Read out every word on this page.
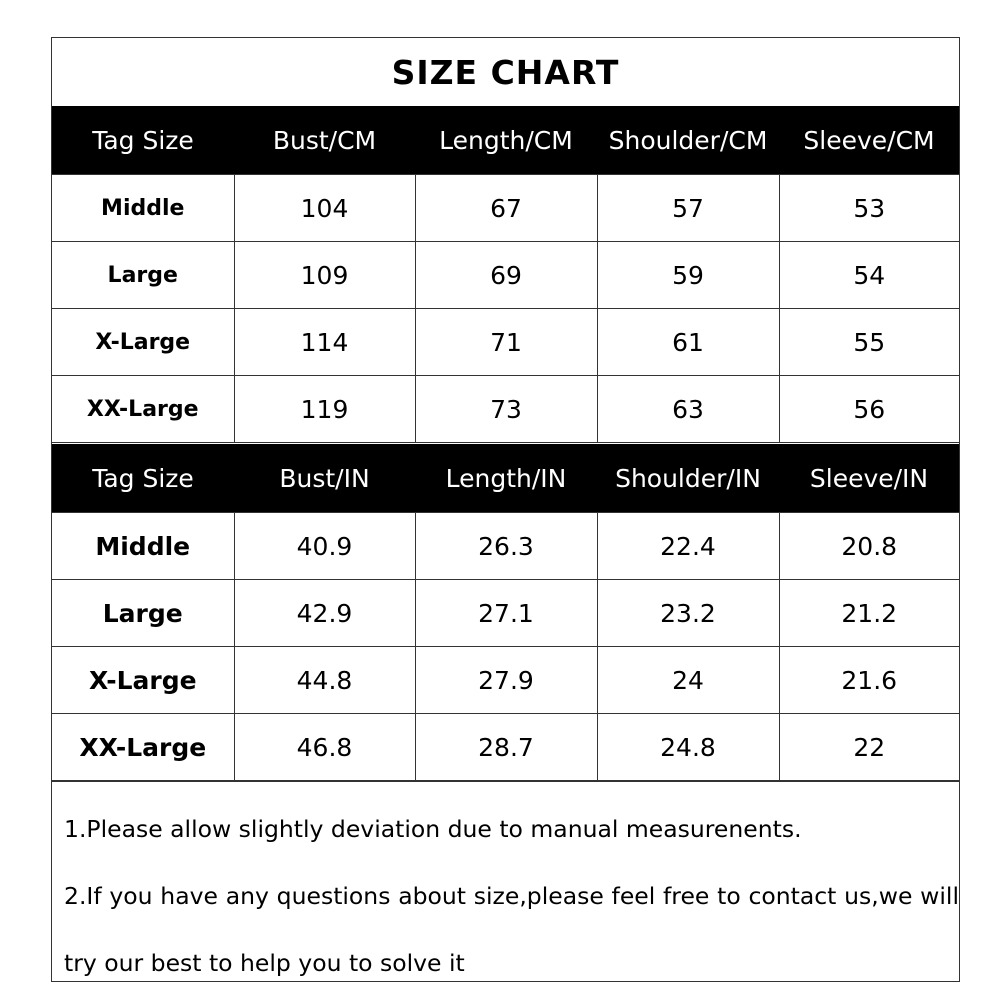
SIZE CHART
Tag Size	Bust/CM	Length/CM	Shoulder/CM	Sleeve/CM
Middle	104	67	57	53
Large	109	69	59	54
X-Large	114	71	61	55
XX-Large	119	73	63	56
Tag Size	Bust/IN	Length/IN	Shoulder/IN	Sleeve/IN
Middle	40.9	26.3	22.4	20.8
Large	42.9	27.1	23.2	21.2
X-Large	44.8	27.9	24	21.6
XX-Large	46.8	28.7	24.8	22

1.Please allow slightly deviation due to manual measurenents.

2.If you have any questions about size,please feel free to contact us,we will try our best to help you to solve it
